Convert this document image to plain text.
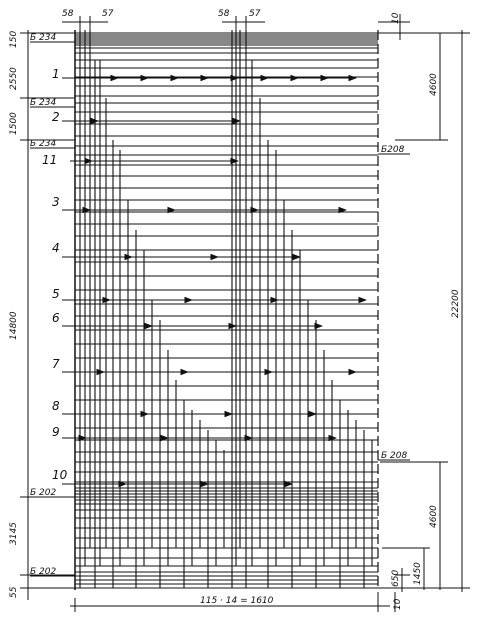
58	57	58 57	10
150
2550
1500
14800
3145
55
4600
22200
4600
1450
650
115 · 14 = 1610	10
Б 234
Б 234
Б 234
Б208
Б 208
Б 202
Б 202
1
2
11
3
4
5
6
7
8
9
10
